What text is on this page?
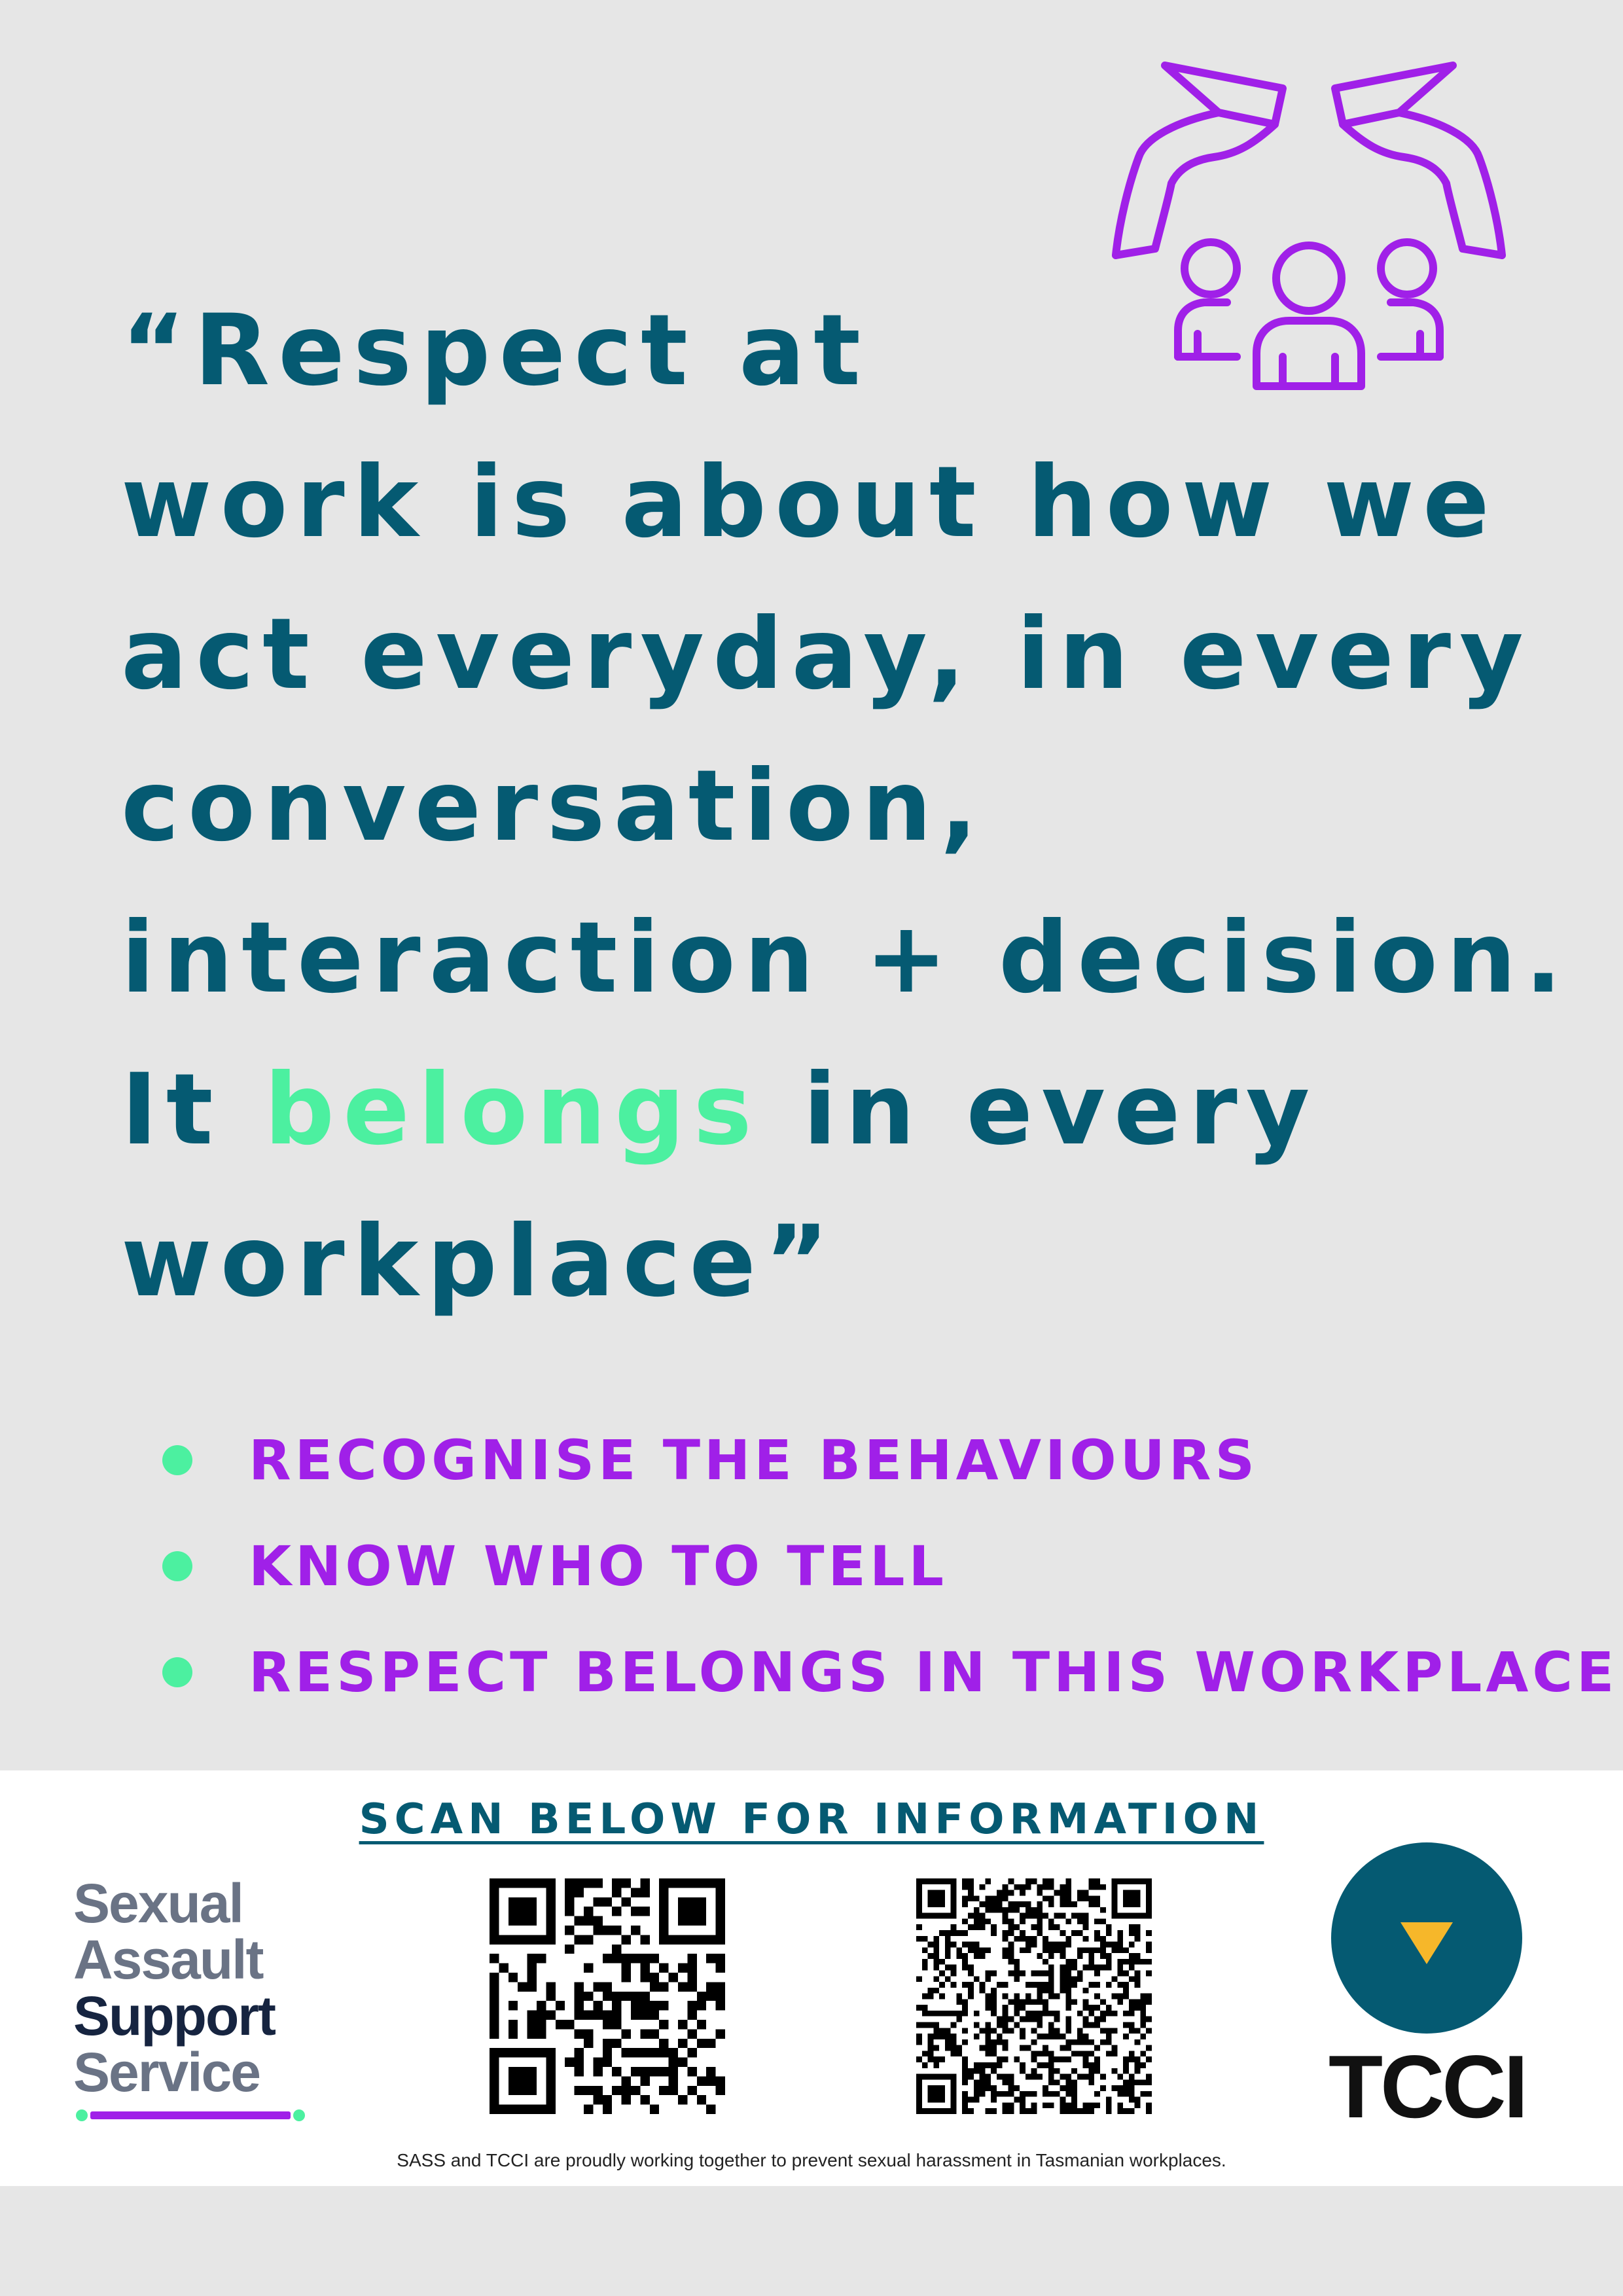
“Respect at
work is about how we
act everyday, in every
conversation,
interaction + decision.
It belongs in every
workplace”
RECOGNISE THE BEHAVIOURS
KNOW WHO TO TELL
RESPECT BELONGS IN THIS WORKPLACE
SCAN BELOW FOR INFORMATION
Sexual
Assault
Support
Service	TCCI
SASS and TCCI are proudly working together to prevent sexual harassment in Tasmanian workplaces.
